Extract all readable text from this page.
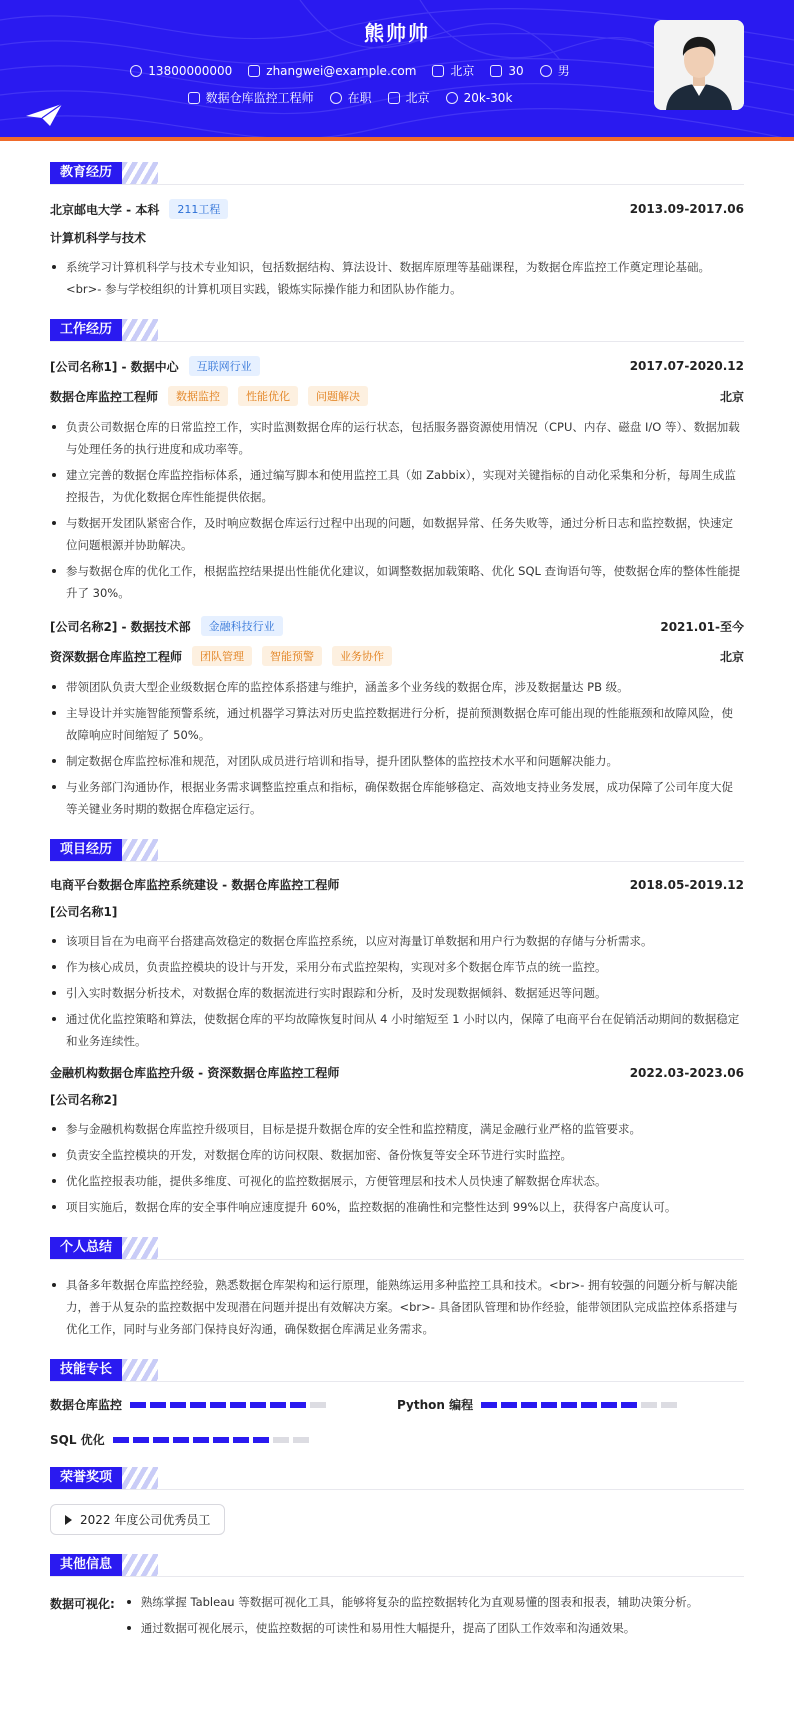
熊帅帅
13800000000	zhangwei@example.com	北京	30	男
数据仓库监控工程师	在职	北京	20k-30k
教育经历
北京邮电大学 - 本科	211工程	2013.09-2017.06
计算机科学与技术
系统学习计算机科学与技术专业知识，包括数据结构、算法设计、数据库原理等基础课程，为数据仓库监控工作奠定理论基础。<br>- 参与学校组织的计算机项目实践，锻炼实际操作能力和团队协作能力。
工作经历
[公司名称1] - 数据中心	互联网行业	2017.07-2020.12
数据仓库监控工程师	数据监控	性能优化	问题解决	北京
负责公司数据仓库的日常监控工作，实时监测数据仓库的运行状态，包括服务器资源使用情况（CPU、内存、磁盘 I/O 等）、数据加载与处理任务的执行进度和成功率等。
建立完善的数据仓库监控指标体系，通过编写脚本和使用监控工具（如 Zabbix），实现对关键指标的自动化采集和分析，每周生成监控报告，为优化数据仓库性能提供依据。
与数据开发团队紧密合作，及时响应数据仓库运行过程中出现的问题，如数据异常、任务失败等，通过分析日志和监控数据，快速定位问题根源并协助解决。
参与数据仓库的优化工作，根据监控结果提出性能优化建议，如调整数据加载策略、优化 SQL 查询语句等，使数据仓库的整体性能提升了 30%。
[公司名称2] - 数据技术部	金融科技行业	2021.01-至今
资深数据仓库监控工程师	团队管理	智能预警	业务协作	北京
带领团队负责大型企业级数据仓库的监控体系搭建与维护，涵盖多个业务线的数据仓库，涉及数据量达 PB 级。
主导设计并实施智能预警系统，通过机器学习算法对历史监控数据进行分析，提前预测数据仓库可能出现的性能瓶颈和故障风险，使故障响应时间缩短了 50%。
制定数据仓库监控标准和规范，对团队成员进行培训和指导，提升团队整体的监控技术水平和问题解决能力。
与业务部门沟通协作，根据业务需求调整监控重点和指标，确保数据仓库能够稳定、高效地支持业务发展，成功保障了公司年度大促等关键业务时期的数据仓库稳定运行。
项目经历
电商平台数据仓库监控系统建设 - 数据仓库监控工程师	2018.05-2019.12
[公司名称1]
该项目旨在为电商平台搭建高效稳定的数据仓库监控系统，以应对海量订单数据和用户行为数据的存储与分析需求。
作为核心成员，负责监控模块的设计与开发，采用分布式监控架构，实现对多个数据仓库节点的统一监控。
引入实时数据分析技术，对数据仓库的数据流进行实时跟踪和分析，及时发现数据倾斜、数据延迟等问题。
通过优化监控策略和算法，使数据仓库的平均故障恢复时间从 4 小时缩短至 1 小时以内，保障了电商平台在促销活动期间的数据稳定和业务连续性。
金融机构数据仓库监控升级 - 资深数据仓库监控工程师	2022.03-2023.06
[公司名称2]
参与金融机构数据仓库监控升级项目，目标是提升数据仓库的安全性和监控精度，满足金融行业严格的监管要求。
负责安全监控模块的开发，对数据仓库的访问权限、数据加密、备份恢复等安全环节进行实时监控。
优化监控报表功能，提供多维度、可视化的监控数据展示，方便管理层和技术人员快速了解数据仓库状态。
项目实施后，数据仓库的安全事件响应速度提升 60%，监控数据的准确性和完整性达到 99%以上，获得客户高度认可。
个人总结
具备多年数据仓库监控经验，熟悉数据仓库架构和运行原理，能熟练运用多种监控工具和技术。<br>- 拥有较强的问题分析与解决能力，善于从复杂的监控数据中发现潜在问题并提出有效解决方案。<br>- 具备团队管理和协作经验，能带领团队完成监控体系搭建与优化工作，同时与业务部门保持良好沟通，确保数据仓库满足业务需求。
技能专长
数据仓库监控	Python 编程
SQL 优化
荣誉奖项
2022 年度公司优秀员工
其他信息
数据可视化:	熟练掌握 Tableau 等数据可视化工具，能够将复杂的监控数据转化为直观易懂的图表和报表，辅助决策分析。
通过数据可视化展示，使监控数据的可读性和易用性大幅提升，提高了团队工作效率和沟通效果。
